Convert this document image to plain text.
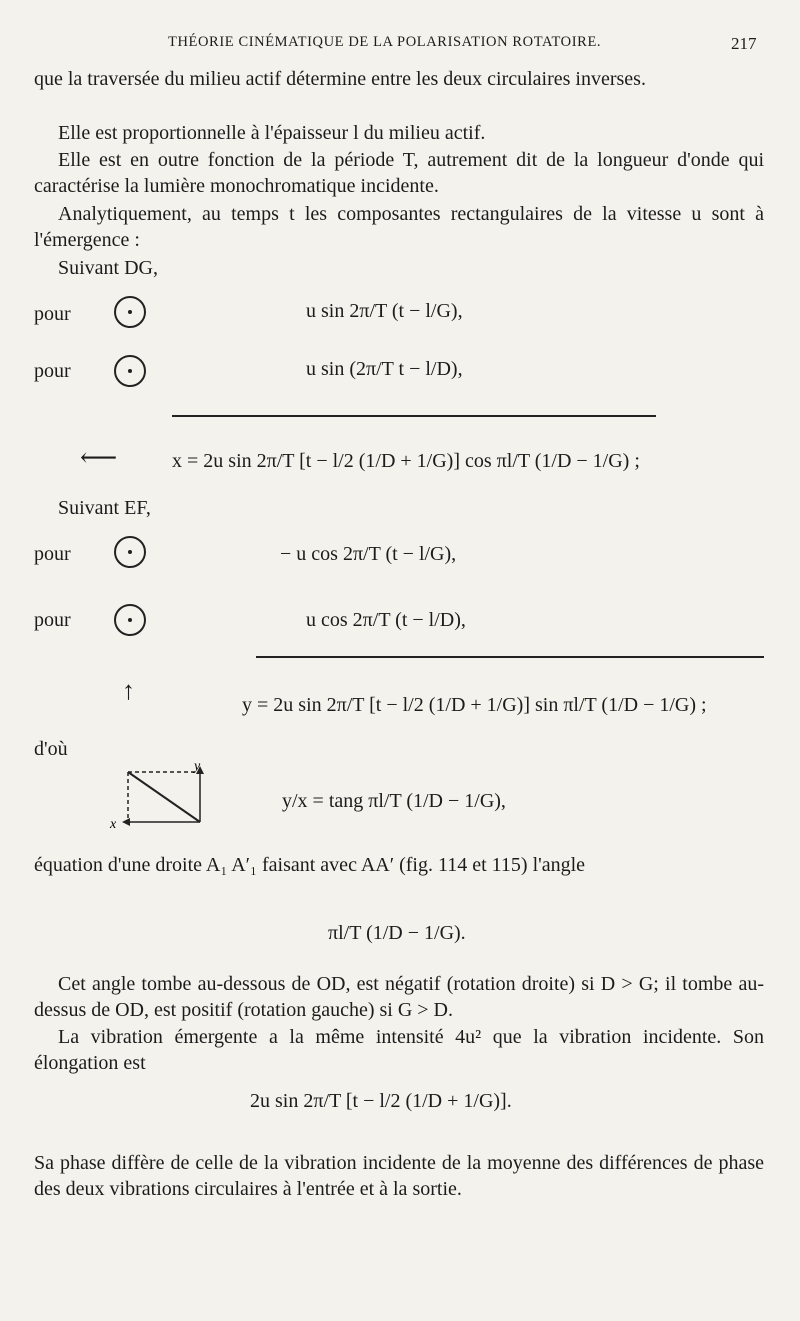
THÉORIE CINÉMATIQUE DE LA POLARISATION ROTATOIRE.	217
que la traversée du milieu actif détermine entre les deux circulaires inverses.
Elle est proportionnelle à l'épaisseur l du milieu actif.
Elle est en outre fonction de la période T, autrement dit de la longueur d'onde qui caractérise la lumière monochromatique incidente.
Analytiquement, au temps t les composantes rectangulaires de la vitesse u sont à l'émergence :
Suivant DG,
pour	u sin 2π/T (t − l/G),
pour	u sin (2π/T t − l/D),
⟵	x = 2u sin 2π/T [t − l/2 (1/D + 1/G)] cos πl/T (1/D − 1/G) ;
Suivant EF,
pour	− u cos 2π/T (t − l/G),
pour	u cos 2π/T (t − l/D),
↑	y = 2u sin 2π/T [t − l/2 (1/D + 1/G)] sin πl/T (1/D − 1/G) ;
d'où
y
x
y/x = tang πl/T (1/D − 1/G),
équation d'une droite A₁ A′₁ faisant avec AA′ (fig. 114 et 115) l'angle
πl/T (1/D − 1/G).
Cet angle tombe au-dessous de OD, est négatif (rotation droite) si D > G; il tombe au-dessus de OD, est positif (rotation gauche) si G > D.
La vibration émergente a la même intensité 4u² que la vibration incidente. Son élongation est
2u sin 2π/T [t − l/2 (1/D + 1/G)].
Sa phase diffère de celle de la vibration incidente de la moyenne des différences de phase des deux vibrations circulaires à l'entrée et à la sortie.
